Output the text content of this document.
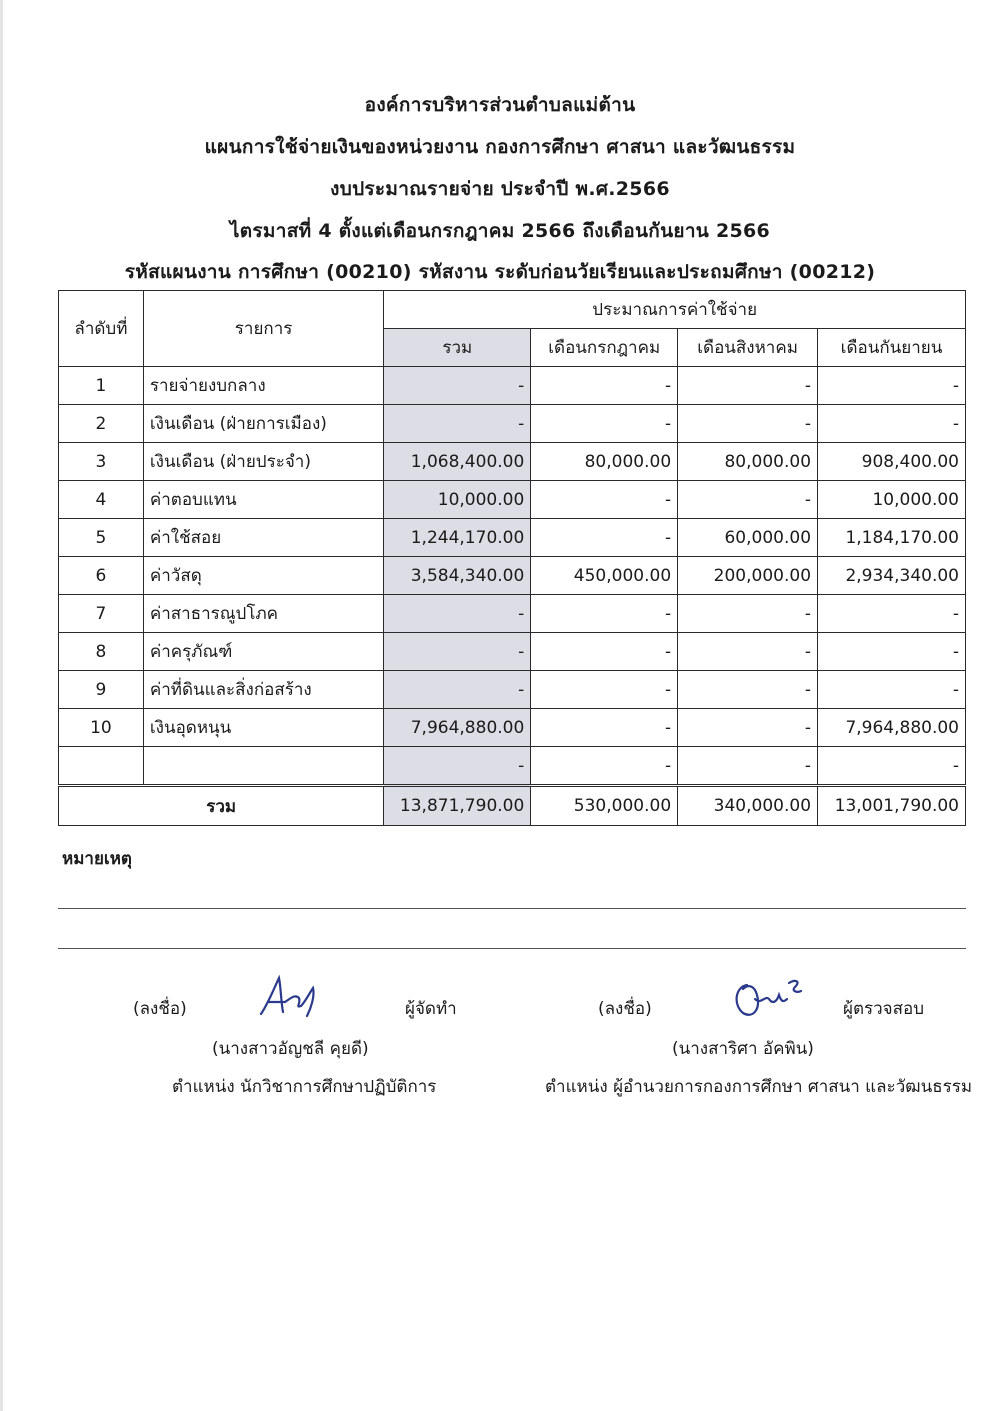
องค์การบริหารส่วนตำบลแม่ต้าน
แผนการใช้จ่ายเงินของหน่วยงาน กองการศึกษา ศาสนา และวัฒนธรรม
งบประมาณรายจ่าย ประจำปี พ.ศ.2566
ไตรมาสที่ 4 ตั้งแต่เดือนกรกฎาคม 2566 ถึงเดือนกันยาน 2566
รหัสแผนงาน การศึกษา (00210) รหัสงาน ระดับก่อนวัยเรียนและประถมศึกษา (00212)
ลำดับที่	รายการ	ประมาณการค่าใช้จ่าย			
		รวม	เดือนกรกฎาคม	เดือนสิงหาคม	เดือนกันยายน
1	รายจ่ายงบกลาง	-	-	-	-
2	เงินเดือน (ฝ่ายการเมือง)	-	-	-	-
3	เงินเดือน (ฝ่ายประจำ)	1,068,400.00	80,000.00	80,000.00	908,400.00
4	ค่าตอบแทน	10,000.00	-	-	10,000.00
5	ค่าใช้สอย	1,244,170.00	-	60,000.00	1,184,170.00
6	ค่าวัสดุ	3,584,340.00	450,000.00	200,000.00	2,934,340.00
7	ค่าสาธารณูปโภค	-	-	-	-
8	ค่าครุภัณฑ์	-	-	-	-
9	ค่าที่ดินและสิ่งก่อสร้าง	-	-	-	-
10	เงินอุดหนุน	7,964,880.00	-	-	7,964,880.00
		-	-	-	-
รวม		13,871,790.00	530,000.00	340,000.00	13,001,790.00
หมายเหตุ
(ลงชื่อ)	ผู้จัดทำ
(นางสาวอัญชลี คุยดี)
ตำแหน่ง นักวิชาการศึกษาปฏิบัติการ
(ลงชื่อ)	ผู้ตรวจสอบ
(นางสาริศา อัคพิน)
ตำแหน่ง ผู้อำนวยการกองการศึกษา ศาสนา และวัฒนธรรม
